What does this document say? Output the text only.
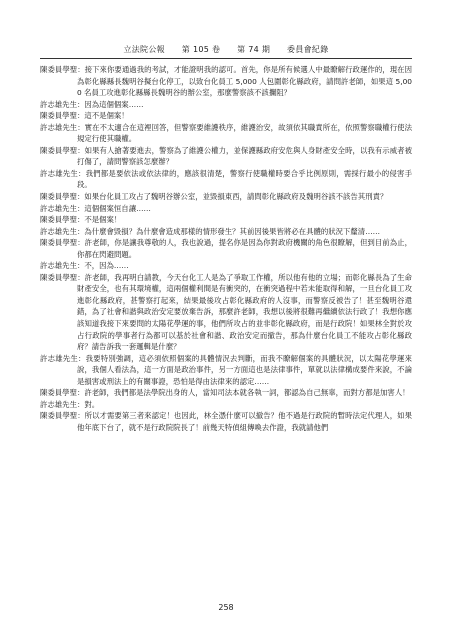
立法院公報 第 105 卷 第 74 期 委員會紀錄
陳委員學聖：接下來你要通過我的考試，才能證明我的認可。首先，你是所有候選人中最瞭解行政運作的，現在因為彰化縣縣長魏明谷擬台化停工，以致台化員工 5,000 人包圍彰化縣政府，請問許老師，如果這 5,000 名員工攻進彰化縣縣長魏明谷的辦公室，那麼警察該不該攔阻？
許志雄先生：因為這個個案……
陳委員學聖：這不是個案！
許志雄先生：實在不太適合在這裡回答，但警察要維護秩序，維護治安，故須依其職責所在，依照警察職權行使法規定行使其職權。
陳委員學聖：如果有人搶著要進去，警察為了維護公權力，並保護縣政府安危與人身財產安全時，以我有示威者被打傷了，請問警察該怎麼辦？
許志雄先生：我們都是要依法或依法律的，應該很清楚，警察行使職權時要合乎比例原則，需採行最小的侵害手段。
陳委員學聖：如果台化員工攻占了魏明谷辦公室，並毀損東西，請問彰化縣政府及魏明谷該不該告其刑責？
許志雄先生：這個個案恒自讓……
陳委員學聖：不是個案！
許志雄先生：為什麼會毀損？為什麼會造成那樣的情形發生？其前因後果皆將必在具體的狀況下釐清……
陳委員學聖：許老師，你是讓我尊敬的人，我也說過，提名你是因為你對政府機關的角色很瞭解，但到目前為止，你都在閃避問題。
許志雄先生：不，因為……
陳委員學聖：許老師，我再明白請教，今天台化工人是為了爭取工作權，所以他有他的立場；而彰化縣長為了生命財產安全，也有其環境權，這兩個權利間是有衝突的，在衝突過程中若未能取得和解，一旦台化員工攻進彰化縣政府，甚警察打起來，結果最後攻占彰化縣政府的人沒事，而警察反被告了！甚至魏明谷還錯，為了社會和諧與政治安定要放棄告訴，那麼許老師，我想以後將很難再繼續依法行政了！我想你應該知道我接下來要問的太陽花學運的事，他們所攻占的並非彰化縣政府，而是行政院！如果林全對於攻占行政院的學事者行為都可以基於社會和諧、政治安定而撤告，那為什麼台化員工不能攻占彰化縣政府？請告訴我一套邏輯是什麼？
許志雄先生：我要特別強調，這必須依照個案的具體情況去判斷，而我不瞭解個案的具體狀況，以太陽花學運來說，我個人看法為，這一方面是政治事件，另一方面這也是法律事件，單就以法律構成要件來說，不論是損害或刑法上的有關事證，恐怕是得由法律來的認定……
陳委員學聖：許老師，我們都是法學院出身的人，當知司法本就各執一詞，都認為自己無辜，而對方都是加害人！
許志雄先生：對。
陳委員學聖：所以才需要第三者來認定！也因此，林全憑什麼可以撤告？他不過是行政院的暫時法定代理人，如果他年底下台了，就不是行政院院長了！前幾天特偵組傳喚去作證，我就請他們
258
